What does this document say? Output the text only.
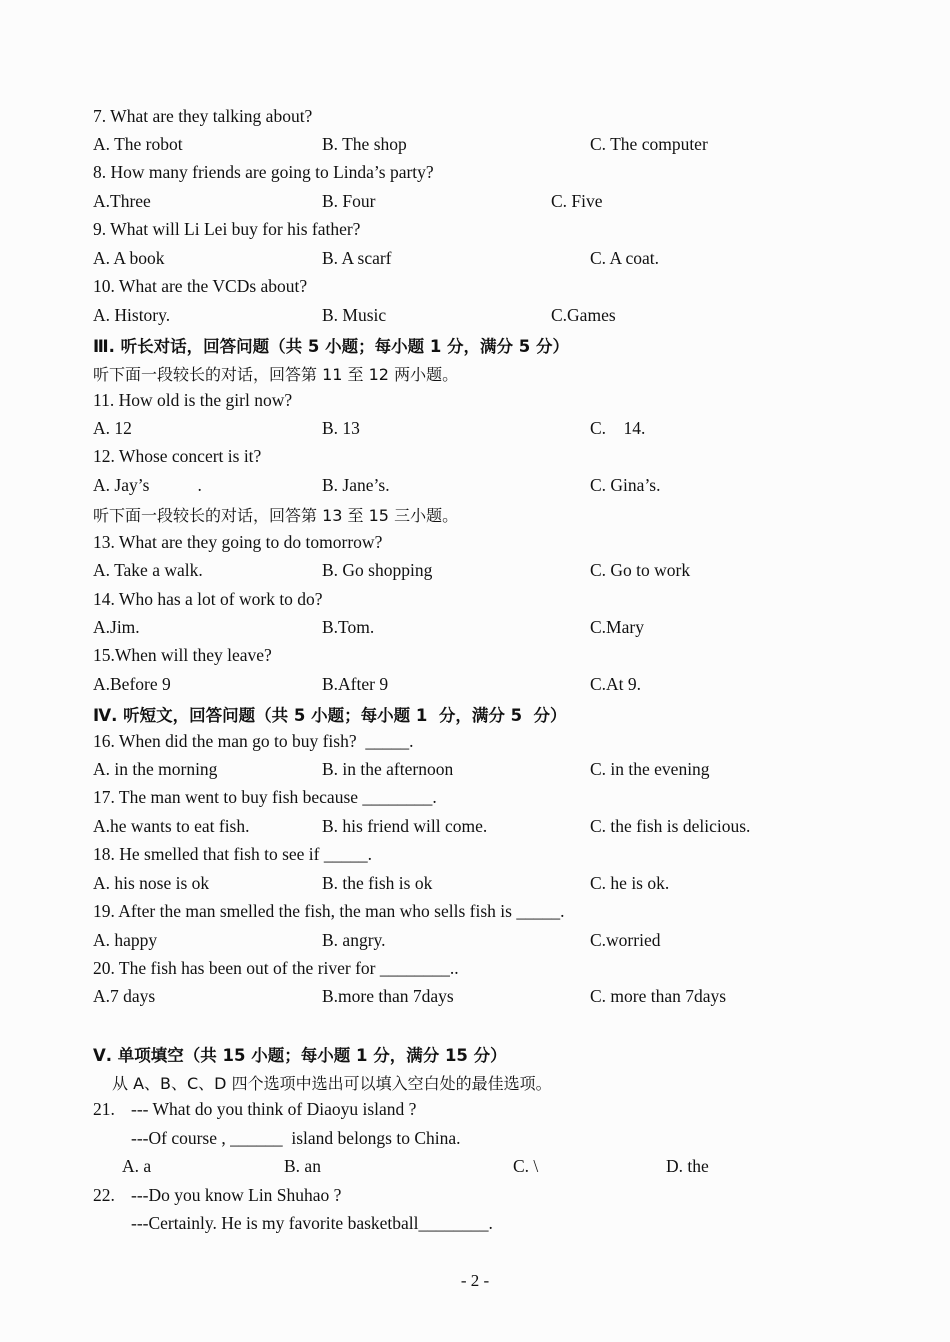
7. What are they talking about?

A. The robot

	B. The shop

	C. The computer

8. How many friends are going to Linda’s party?

A.Three

	B. Four

	C. Five

9. What will Li Lei buy for his father?

A. A book

	B. A scarf

	C. A coat.

10. What are the VCDs about?

A. History.

	B. Music

	C.Games

Ⅲ. 听长对话，回答问题（共 5 小题；每小题 1 分，满分 5 分）
听下面一段较长的对话，回答第 11 至 12 两小题。
11. How old is the girl now?

A. 12

	B. 13

	C.    14.

12. Whose concert is it?

A. Jay’s           .

	B. Jane’s.

	C. Gina’s.

听下面一段较长的对话，回答第 13 至 15 三小题。
13. What are they going to do tomorrow?

A. Take a walk.

	B. Go shopping

	C. Go to work

14. Who has a lot of work to do?

A.Jim.

	B.Tom.

	C.Mary

15.When will they leave?

A.Before 9

	B.After 9

	C.At 9.

Ⅳ. 听短文，回答问题（共 5 小题；每小题 1  分，满分 5  分）
16. When did the man go to buy fish?  _____.

A. in the morning

	B. in the afternoon

	C. in the evening

17. The man went to buy fish because ________.

A.he wants to eat fish.

	B. his friend will come.

	C. the fish is delicious.

18. He smelled that fish to see if _____.

A. his nose is ok

	B. the fish is ok

	C. he is ok.

19. After the man smelled the fish, the man who sells fish is _____.

A. happy

	B. angry.

	C.worried

20. The fish has been out of the river for ________..

A.7 days

	B.more than 7days

	C. more than 7days

Ⅴ. 单项填空（共 15 小题；每小题 1 分，满分 15 分）
从 A、B、C、D 四个选项中选出可以填入空白处的最佳选项。

21.

--- What do you think of Diaoyu island ?

---Of course , ______  island belongs to China.

A. a

	B. an

	C. \

	D. the

22.

---Do you know Lin Shuhao ?

---Certainly. He is my favorite basketball________.

- 2 -
